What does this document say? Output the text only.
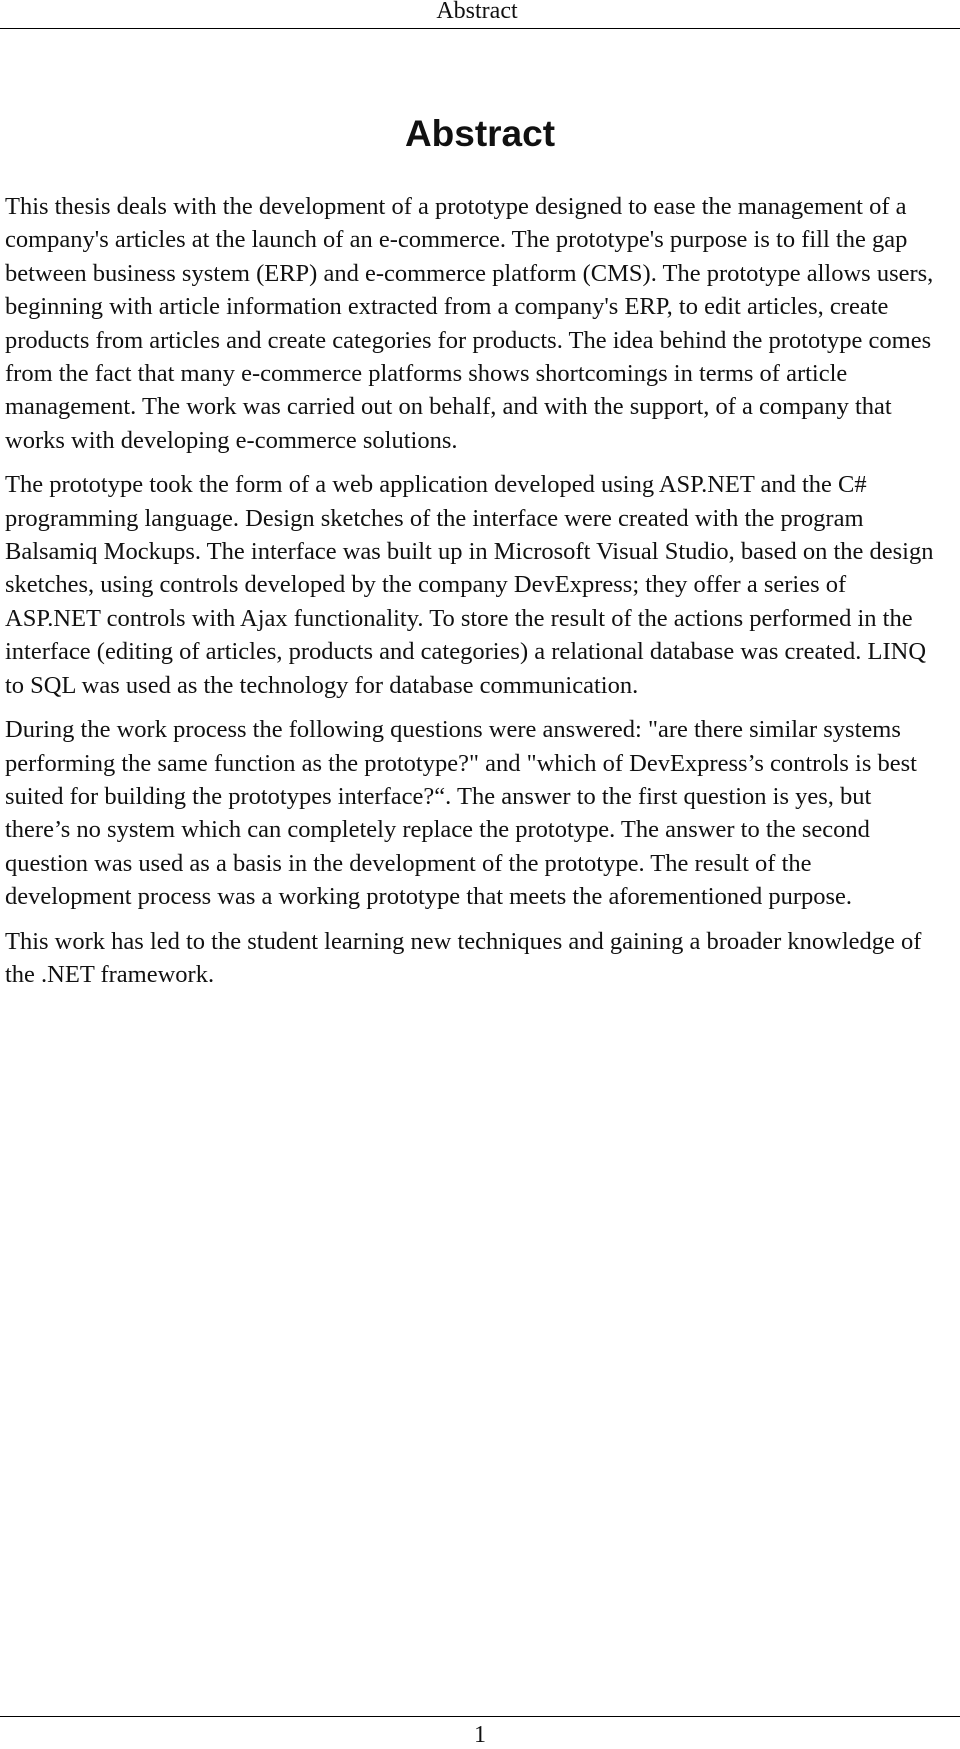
Abstract
Abstract

This thesis deals with the development of a prototype designed to ease the management of a company's articles at the launch of an e-commerce. The prototype's purpose is to fill the gap between business system (ERP) and e-commerce platform (CMS). The prototype allows users, beginning with article information extracted from a company's ERP, to edit articles, create products from articles and create categories for products. The idea behind the prototype comes from the fact that many e-commerce platforms shows shortcomings in terms of article management. The work was carried out on behalf, and with the support, of a company that works with developing e-commerce solutions.

The prototype took the form of a web application developed using ASP.NET and the C# programming language. Design sketches of the interface were created with the program Balsamiq Mockups. The interface was built up in Microsoft Visual Studio, based on the design sketches, using controls developed by the company DevExpress; they offer a series of ASP.NET controls with Ajax functionality. To store the result of the actions performed in the interface (editing of articles, products and categories) a relational database was created. LINQ to SQL was used as the technology for database communication.

During the work process the following questions were answered: "are there similar systems performing the same function as the prototype?" and "which of DevExpress’s controls is best suited for building the prototypes interface?“. The answer to the first question is yes, but there’s no system which can completely replace the prototype. The answer to the second question was used as a basis in the development of the prototype. The result of the development process was a working prototype that meets the aforementioned purpose.

This work has led to the student learning new techniques and gaining a broader knowledge of the .NET framework.

1
